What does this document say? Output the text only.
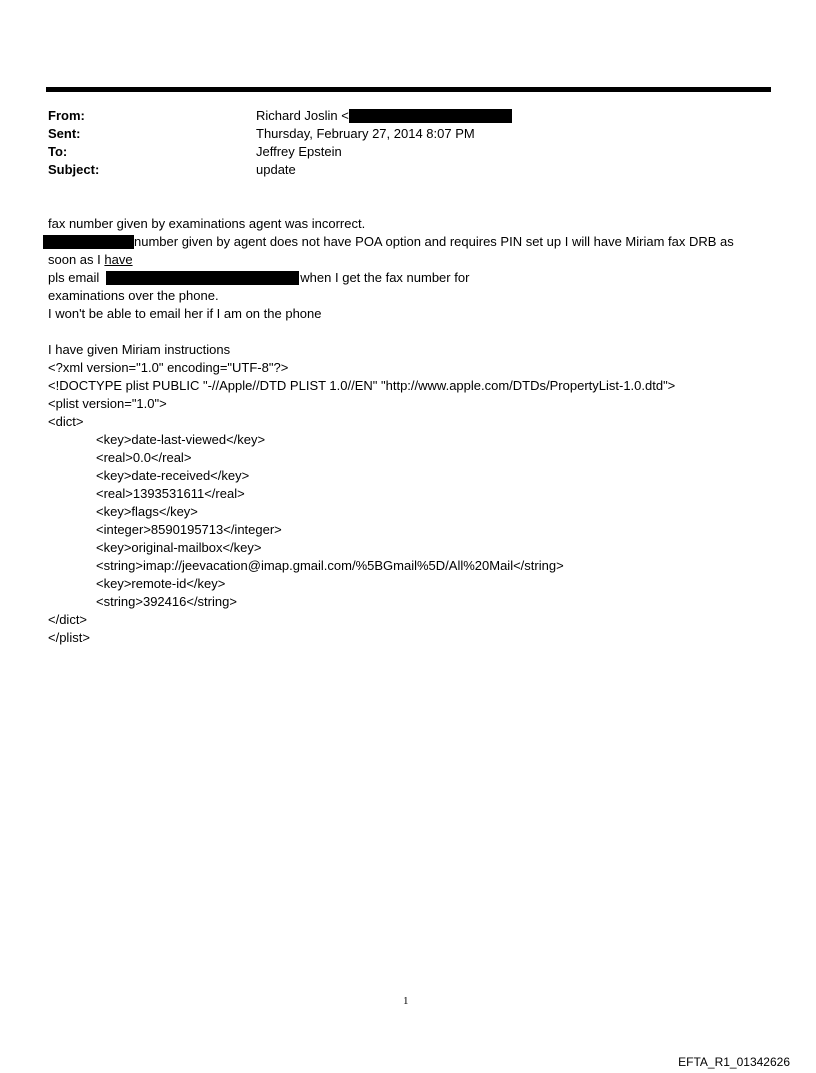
From:	Richard Joslin <
Sent:	Thursday, February 27, 2014 8:07 PM
To:	Jeffrey Epstein
Subject:	update
fax number given by examinations agent was incorrect.
number given by agent does not have POA option and requires PIN set up I will have Miriam fax DRB as
soon as I have
pls email	when I get the fax number for
examinations over the phone.
I won't be able to email her if I am on the phone
I have given Miriam instructions
<?xml version="1.0" encoding="UTF-8"?>
<!DOCTYPE plist PUBLIC "-//Apple//DTD PLIST 1.0//EN" "http://www.apple.com/DTDs/PropertyList-1.0.dtd">
<plist version="1.0">
<dict>
<key>date-last-viewed</key>
<real>0.0</real>
<key>date-received</key>
<real>1393531611</real>
<key>flags</key>
<integer>8590195713</integer>
<key>original-mailbox</key>
<string>imap://jeevacation@imap.gmail.com/%5BGmail%5D/All%20Mail</string>
<key>remote-id</key>
<string>392416</string>
</dict>
</plist>
1
EFTA_R1_01342626
